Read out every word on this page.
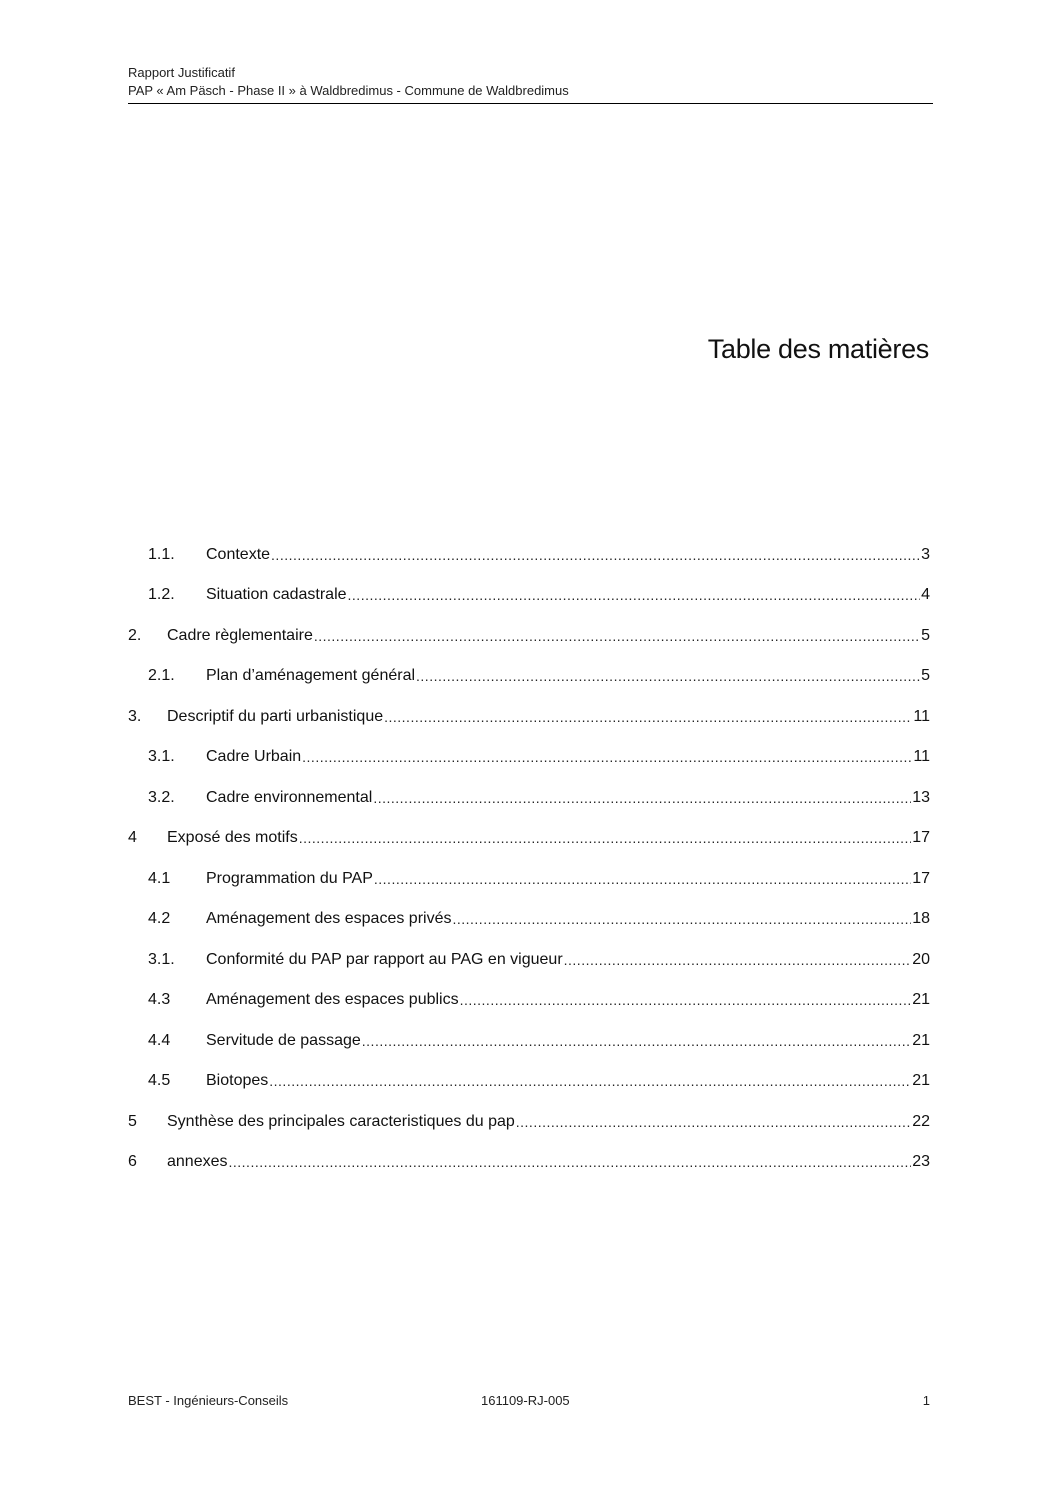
Rapport Justificatif
PAP « Am Päsch - Phase II » à Waldbredimus - Commune de Waldbredimus
Table des matières
1.1.	Contexte .....	3
1.2.	Situation cadastrale .....	4
2.	Cadre règlementaire .....	5
2.1.	Plan d’aménagement général .....	5
3.	Descriptif du parti urbanistique .....	11
3.1.	Cadre Urbain .....	11
3.2.	Cadre environnemental .....	13
4	Exposé des motifs .....	17
4.1	Programmation du PAP .....	17
4.2	Aménagement des espaces privés .....	18
3.1.	Conformité du PAP par rapport au PAG en vigueur .....	20
4.3	Aménagement des espaces publics .....	21
4.4	Servitude de passage .....	21
4.5	Biotopes .....	21
5	Synthèse des principales caracteristiques du pap .....	22
6	annexes .....	23
BEST - Ingénieurs-Conseils	161109-RJ-005	1
